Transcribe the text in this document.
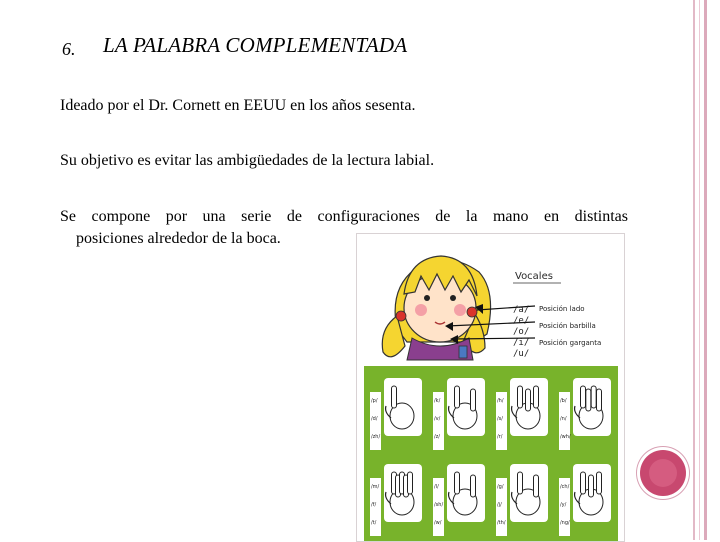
6. LA PALABRA COMPLEMENTADA
Ideado por el Dr. Cornett en EEUU en los años sesenta.
Su objetivo es evitar las ambigüedades de la lectura labial.
Se compone por una serie de configuraciones de la mano en distintas
posiciones alrededor de la boca.
Vocales
/a/
/e/
/o/
/i/
/u/
Posición lado
Posición barbilla
Posición garganta
/p/
/d/
/zh/
/k/
/v/
/z/
/h/
/s/
/r/
/b/
/n/
/wh/
/m/
/f/
/t/
/l/
/sh/
/w/
/g/
/j/
/th/
/ch/
/y/
/ng/
